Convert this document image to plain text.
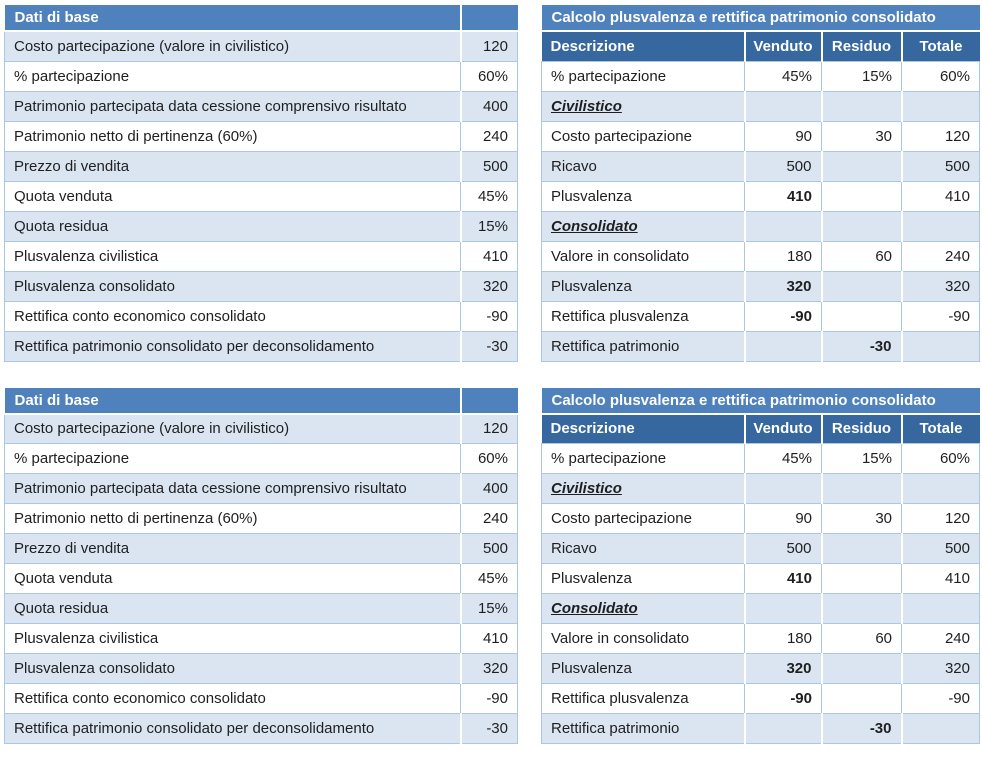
Dati di base	
Costo partecipazione (valore in civilistico)	120
% partecipazione	60%
Patrimonio partecipata data cessione comprensivo risultato	400
Patrimonio netto di pertinenza (60%)	240
Prezzo di vendita	500
Quota venduta	45%
Quota residua	15%
Plusvalenza civilistica	410
Plusvalenza consolidato	320
Rettifica conto economico consolidato	-90
Rettifica patrimonio consolidato per deconsolidamento	-30
Calcolo plusvalenza e rettifica patrimonio consolidato			
Descrizione	Venduto	Residuo	Totale
% partecipazione	45%	15%	60%
Civilistico			
Costo partecipazione	90	30	120
Ricavo	500		500
Plusvalenza	410		410
Consolidato			
Valore in consolidato	180	60	240
Plusvalenza	320		320
Rettifica plusvalenza	-90		-90
Rettifica patrimonio		-30	
Dati di base	
Costo partecipazione (valore in civilistico)	120
% partecipazione	60%
Patrimonio partecipata data cessione comprensivo risultato	400
Patrimonio netto di pertinenza (60%)	240
Prezzo di vendita	500
Quota venduta	45%
Quota residua	15%
Plusvalenza civilistica	410
Plusvalenza consolidato	320
Rettifica conto economico consolidato	-90
Rettifica patrimonio consolidato per deconsolidamento	-30
Calcolo plusvalenza e rettifica patrimonio consolidato			
Descrizione	Venduto	Residuo	Totale
% partecipazione	45%	15%	60%
Civilistico			
Costo partecipazione	90	30	120
Ricavo	500		500
Plusvalenza	410		410
Consolidato			
Valore in consolidato	180	60	240
Plusvalenza	320		320
Rettifica plusvalenza	-90		-90
Rettifica patrimonio		-30	
